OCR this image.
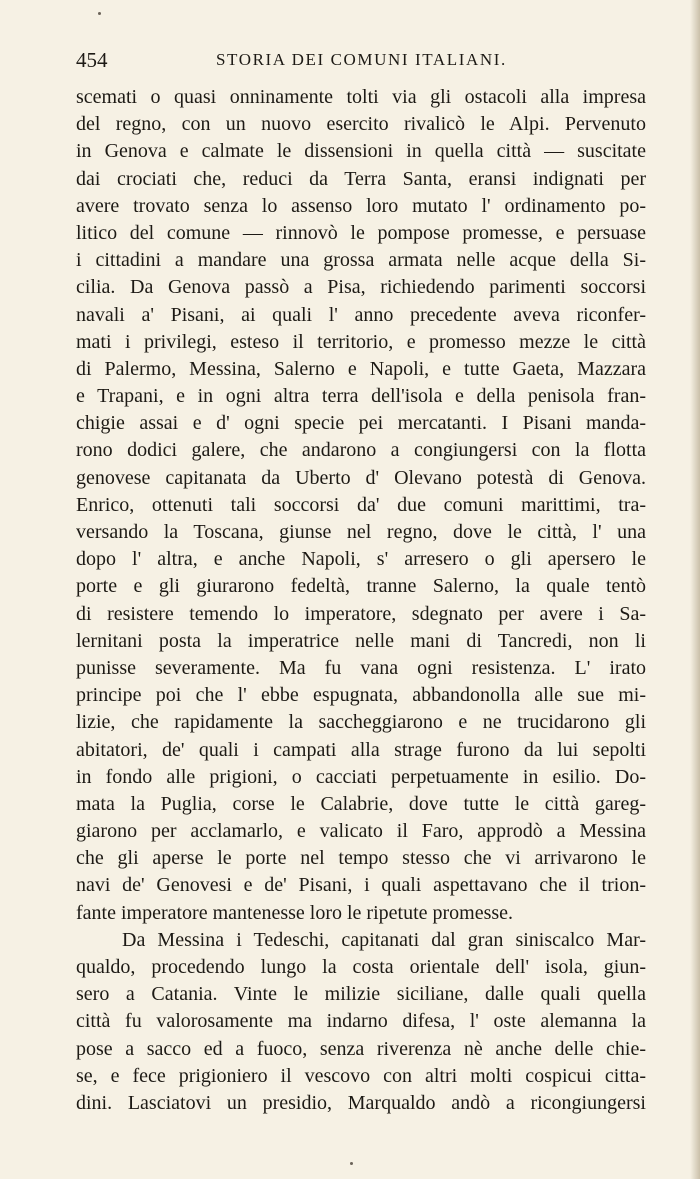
454	STORIA DEI COMUNI ITALIANI.
scemati o quasi onninamente tolti via gli ostacoli alla impresa
del regno, con un nuovo esercito rivalicò le Alpi. Pervenuto
in Genova e calmate le dissensioni in quella città — suscitate
dai crociati che, reduci da Terra Santa, eransi indignati per
avere trovato senza lo assenso loro mutato l' ordinamento po-
litico del comune — rinnovò le pompose promesse, e persuase
i cittadini a mandare una grossa armata nelle acque della Si-
cilia. Da Genova passò a Pisa, richiedendo parimenti soccorsi
navali a' Pisani, ai quali l' anno precedente aveva riconfer-
mati i privilegi, esteso il territorio, e promesso mezze le città
di Palermo, Messina, Salerno e Napoli, e tutte Gaeta, Mazzara
e Trapani, e in ogni altra terra dell'isola e della penisola fran-
chigie assai e d' ogni specie pei mercatanti. I Pisani manda-
rono dodici galere, che andarono a congiungersi con la flotta
genovese capitanata da Uberto d' Olevano potestà di Genova.
Enrico, ottenuti tali soccorsi da' due comuni marittimi, tra-
versando la Toscana, giunse nel regno, dove le città, l' una
dopo l' altra, e anche Napoli, s' arresero o gli apersero le
porte e gli giurarono fedeltà, tranne Salerno, la quale tentò
di resistere temendo lo imperatore, sdegnato per avere i Sa-
lernitani posta la imperatrice nelle mani di Tancredi, non li
punisse severamente. Ma fu vana ogni resistenza. L' irato
principe poi che l' ebbe espugnata, abbandonolla alle sue mi-
lizie, che rapidamente la saccheggiarono e ne trucidarono gli
abitatori, de' quali i campati alla strage furono da lui sepolti
in fondo alle prigioni, o cacciati perpetuamente in esilio. Do-
mata la Puglia, corse le Calabrie, dove tutte le città gareg-
giarono per acclamarlo, e valicato il Faro, approdò a Messina
che gli aperse le porte nel tempo stesso che vi arrivarono le
navi de' Genovesi e de' Pisani, i quali aspettavano che il trion-
fante imperatore mantenesse loro le ripetute promesse.
Da Messina i Tedeschi, capitanati dal gran siniscalco Mar-
qualdo, procedendo lungo la costa orientale dell' isola, giun-
sero a Catania. Vinte le milizie siciliane, dalle quali quella
città fu valorosamente ma indarno difesa, l' oste alemanna la
pose a sacco ed a fuoco, senza riverenza nè anche delle chie-
se, e fece prigioniero il vescovo con altri molti cospicui citta-
dini. Lasciatovi un presidio, Marqualdo andò a ricongiungersi
